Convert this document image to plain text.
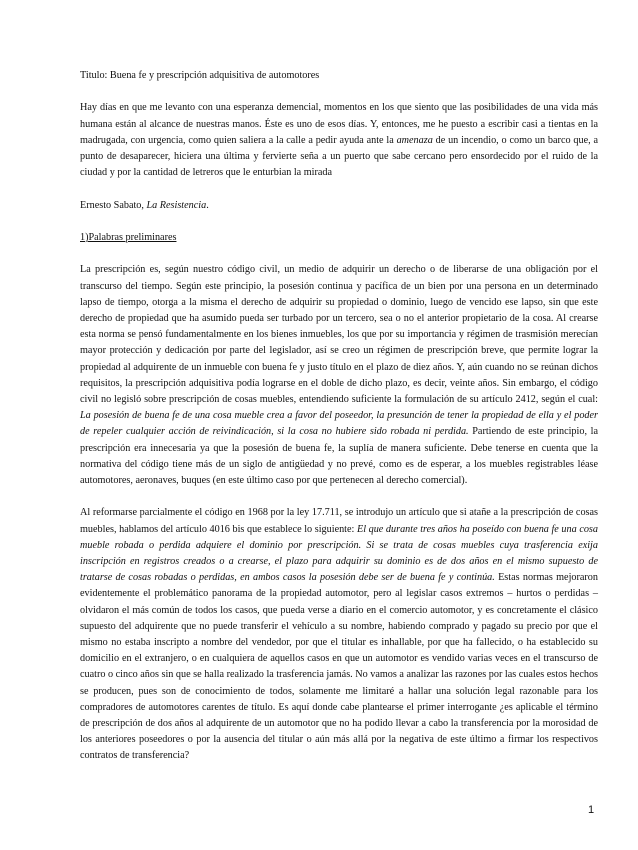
Titulo: Buena fe y prescripción adquisitiva de automotores

Hay días en que me levanto con una esperanza demencial, momentos en los que siento que las posibilidades de una vida más humana están al alcance de nuestras manos. Éste es uno de esos días. Y, entonces, me he puesto a escribir casi a tientas en la madrugada, con urgencia, como quien saliera a la calle a pedir ayuda ante la amenaza de un incendio, o como un barco que, a punto de desaparecer, hiciera una última y fervierte seña a un puerto que sabe cercano pero ensordecido por el ruido de la ciudad y por la cantidad de letreros que le enturbian la mirada

Ernesto Sabato, La Resistencia.

1)Palabras preliminares

La prescripción es, según nuestro código civil, un medio de adquirir un derecho o de liberarse de una obligación por el transcurso del tiempo. Según este principio, la posesión continua y pacífica de un bien por una persona en un determinado lapso de tiempo, otorga a la misma el derecho de adquirir su propiedad o dominio, luego de vencido ese lapso, sin que este derecho de propiedad que ha asumido pueda ser turbado por un tercero, sea o no el anterior propietario de la cosa. Al crearse esta norma se pensó fundamentalmente en los bienes inmuebles, los que por su importancia y régimen de trasmisión merecían mayor protección y dedicación por parte del legislador, así se creo un régimen de prescripción breve, que permite lograr la propiedad al adquirente de un inmueble con buena fe y justo título en el plazo de diez años. Y, aún cuando no se reúnan dichos requisitos, la prescripción adquisitiva podía lograrse en el doble de dicho plazo, es decir, veinte años. Sin embargo, el código civil no legisló sobre prescripción de cosas muebles, entendiendo suficiente la formulación de su artículo 2412, según el cual: La posesión de buena fe de una cosa mueble crea a favor del poseedor, la presunción de tener la propiedad de ella y el poder de repeler cualquier acción de reivindicación, si la cosa no hubiere sido robada ni perdida. Partiendo de este principio, la prescripción era innecesaria ya que la posesión de buena fe, la suplía de manera suficiente. Debe tenerse en cuenta que la normativa del código tiene más de un siglo de antigüedad y no prevé, como es de esperar, a los muebles registrables léase automotores, aeronaves, buques (en este último caso por que pertenecen al derecho comercial).

Al reformarse parcialmente el código en 1968 por la ley 17.711, se introdujo un artículo que si atañe a la prescripción de cosas muebles, hablamos del artículo 4016 bis que establece lo siguiente: El que durante tres años ha poseído con buena fe una cosa mueble robada o perdida adquiere el dominio por prescripción. Si se trata de cosas muebles cuya trasferencia exija inscripción en registros creados o a crearse, el plazo para adquirir su dominio es de dos años en el mismo supuesto de tratarse de cosas robadas o perdidas, en ambos casos la posesión debe ser de buena fe y continúa. Estas normas mejoraron evidentemente el problemático panorama de la propiedad automotor, pero al legislar casos extremos – hurtos o perdidas – olvidaron el más común de todos los casos, que pueda verse a diario en el comercio automotor, y es concretamente el clásico supuesto del adquirente que no puede transferir el vehículo a su nombre, habiendo comprado y pagado su precio por que el mismo no estaba inscripto a nombre del vendedor, por que el titular es inhallable, por que ha fallecido, o ha establecido su domicilio en el extranjero, o en cualquiera de aquellos casos en que un automotor es vendido varias veces en el transcurso de cuatro o cinco años sin que se halla realizado la trasferencia jamás. No vamos a analizar las razones por las cuales estos hechos se producen, pues son de conocimiento de todos, solamente me limitaré a hallar una solución legal razonable para los compradores de automotores carentes de título. Es aquí donde cabe plantearse el primer interrogante ¿es aplicable el término de prescripción de dos años al adquirente de un automotor que no ha podido llevar a cabo la transferencia por la morosidad de los anteriores poseedores o por la ausencia del titular o aún más allá por la negativa de este último a firmar los respectivos contratos de transferencia?

1
